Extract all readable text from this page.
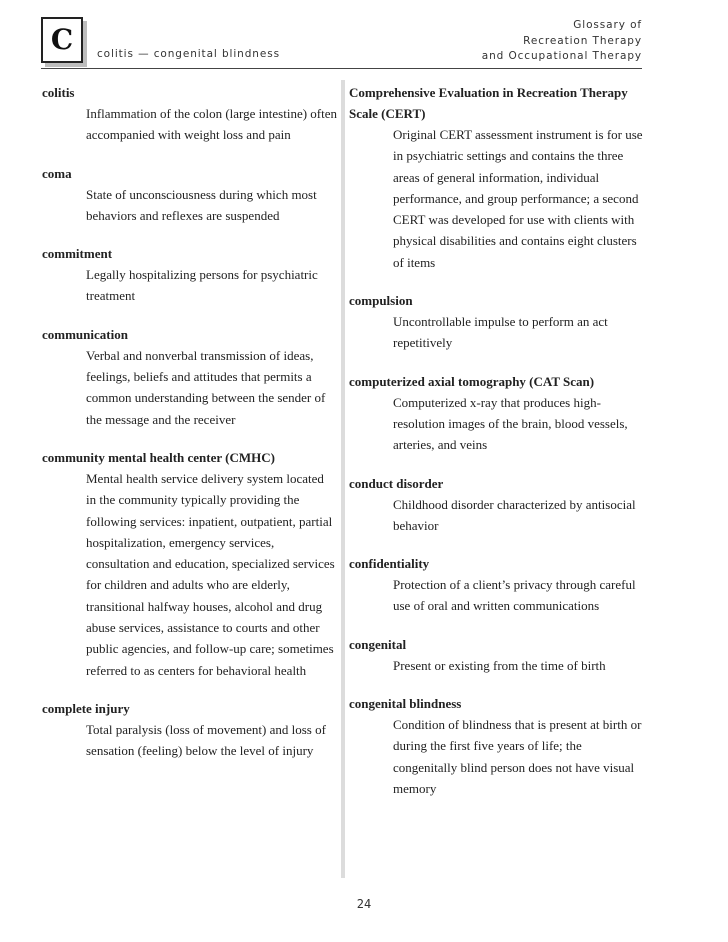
C colitis — congenital blindness
Glossary of
Recreation Therapy
and Occupational Therapy

colitis

Inflammation of the colon (large intestine) often accompanied with weight loss and pain

coma

State of unconsciousness during which most behaviors and reflexes are suspended

commitment

Legally hospitalizing persons for psychiatric treatment

communication

Verbal and nonverbal transmission of ideas, feelings, beliefs and attitudes that permits a common understanding between the sender of the message and the receiver

community mental health center (CMHC)

Mental health service delivery system located in the community typically providing the following services: inpatient, outpatient, partial hospitalization, emergency services, consultation and education, specialized services for children and adults who are elderly, transitional halfway houses, alcohol and drug abuse services, assistance to courts and other public agencies, and follow-up care; sometimes referred to as centers for behavioral health

complete injury

Total paralysis (loss of movement) and loss of sensation (feeling) below the level of injury

Comprehensive Evaluation in Recreation Therapy Scale (CERT)

Original CERT assessment instrument is for use in psychiatric settings and contains the three areas of general information, individual performance, and group performance; a second CERT was developed for use with clients with physical disabilities and contains eight clusters of items

compulsion

Uncontrollable impulse to perform an act repetitively

computerized axial tomography (CAT Scan)

Computerized x-ray that produces high-resolution images of the brain, blood vessels, arteries, and veins

conduct disorder

Childhood disorder characterized by antisocial behavior

confidentiality

Protection of a client’s privacy through careful use of oral and written communications

congenital

Present or existing from the time of birth

congenital blindness

Condition of blindness that is present at birth or during the first five years of life; the congenitally blind person does not have visual memory

24
